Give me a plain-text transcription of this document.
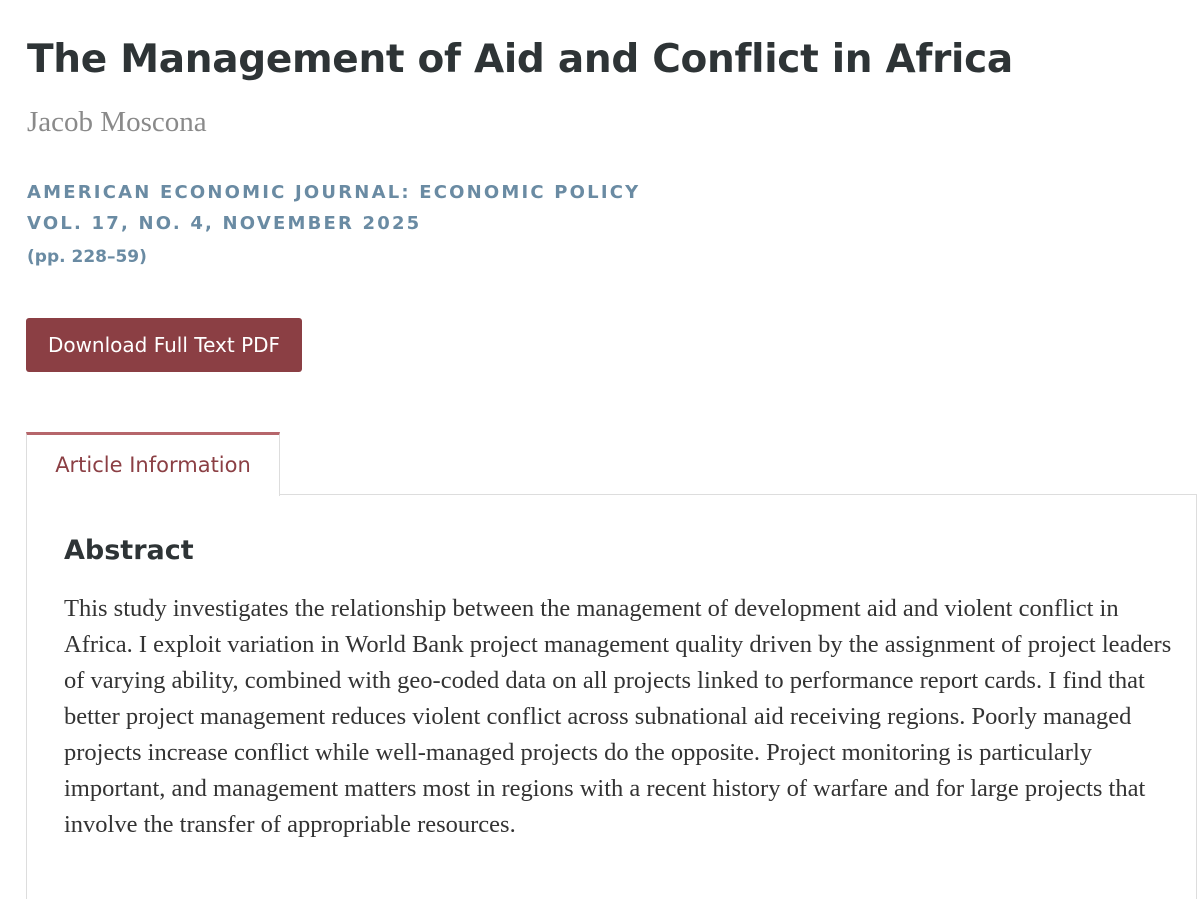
The Management of Aid and Conflict in Africa
Jacob Moscona
AMERICAN ECONOMIC JOURNAL: ECONOMIC POLICY
VOL. 17, NO. 4, NOVEMBER 2025
(pp. 228–59)
Download Full Text PDF
Article Information
Abstract

This study investigates the relationship between the management of development aid and violent conflict in Africa. I exploit variation in World Bank project management quality driven by the assignment of project leaders of varying ability, combined with geo-coded data on all projects linked to performance report cards. I find that better project management reduces violent conflict across subnational aid receiving regions. Poorly managed projects increase conflict while well-managed projects do the opposite. Project monitoring is particularly important, and management matters most in regions with a recent history of warfare and for large projects that involve the transfer of appropriable resources.
